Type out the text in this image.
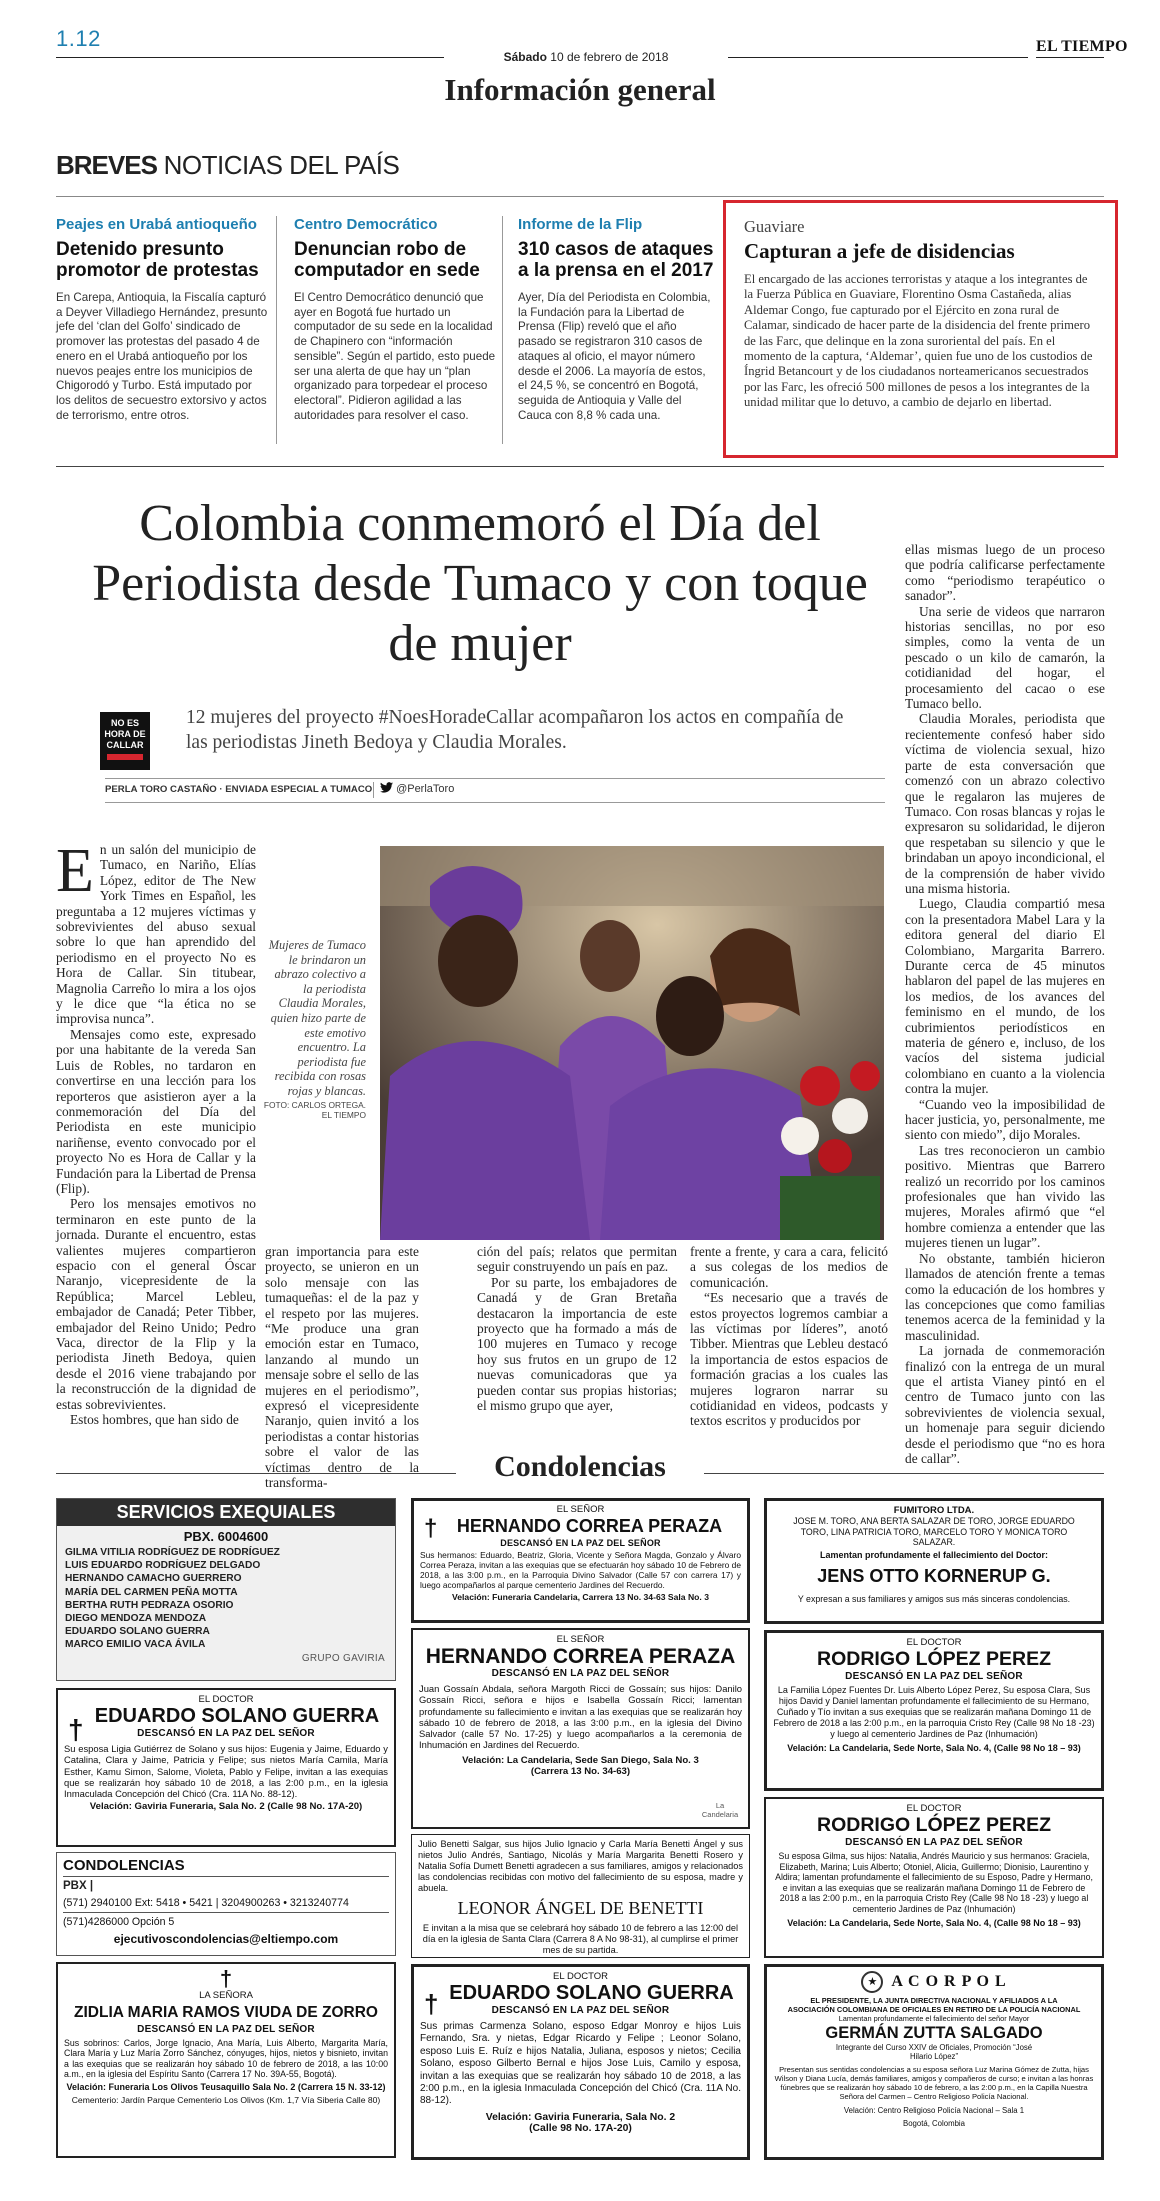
1.12
Sábado 10 de febrero de 2018
EL TIEMPO
Información general
BREVES NOTICIAS DEL PAÍS
Peajes en Urabá antioqueño
Detenido presunto promotor de protestas
En Carepa, Antioquia, la Fiscalía capturó a Deyver Villadiego Hernández, presunto jefe del ‘clan del Golfo’ sindicado de promover las protestas del pasado 4 de enero en el Urabá antioqueño por los nuevos peajes entre los municipios de Chigorodó y Turbo. Está imputado por los delitos de secuestro extorsivo y actos de terrorismo, entre otros.
Centro Democrático
Denuncian robo de computador en sede
El Centro Democrático denunció que ayer en Bogotá fue hurtado un computador de su sede en la localidad de Chapinero con “información sensible”. Según el partido, esto puede ser una alerta de que hay un “plan organizado para torpedear el proceso electoral”. Pidieron agilidad a las autoridades para resolver el caso.
Informe de la Flip
310 casos de ataques a la prensa en el 2017
Ayer, Día del Periodista en Colombia, la Fundación para la Libertad de Prensa (Flip) reveló que el año pasado se registraron 310 casos de ataques al oficio, el mayor número desde el 2006. La mayoría de estos, el 24,5 %, se concentró en Bogotá, seguida de Antioquia y Valle del Cauca con 8,8 % cada una.
Guaviare
Capturan a jefe de disidencias
El encargado de las acciones terroristas y ataque a los integrantes de la Fuerza Pública en Guaviare, Florentino Osma Castañeda, alias Aldemar Congo, fue capturado por el Ejército en zona rural de Calamar, sindicado de hacer parte de la disidencia del frente primero de las Farc, que delinque en la zona suroriental del país. En el momento de la captura, ‘Aldemar’, quien fue uno de los custodios de Íngrid Betancourt y de los ciudadanos norteamericanos secuestrados por las Farc, les ofreció 500 millones de pesos a los integrantes de la unidad militar que lo detuvo, a cambio de dejarlo en libertad.
Colombia conmemoró el Día del Periodista desde Tumaco y con toque de mujer
NO ES HORA DE CALLAR
12 mujeres del proyecto #NoesHoradeCallar acompañaron los actos en compañía de las periodistas Jineth Bedoya y Claudia Morales.
PERLA TORO CASTAÑO · ENVIADA ESPECIAL A TUMACO	@PerlaToro
E n un salón del municipio de Tumaco, en Nariño, Elías López, editor de The New York Times en Español, les preguntaba a 12 mujeres víctimas y sobrevivientes del abuso sexual sobre lo que han aprendido del periodismo en el proyecto No es Hora de Callar. Sin titubear, Magnolia Carreño lo mira a los ojos y le dice que “la ética no se improvisa nunca”.

Mensajes como este, expresado por una habitante de la vereda San Luis de Robles, no tardaron en convertirse en una lección para los reporteros que asistieron ayer a la conmemoración del Día del Periodista en este municipio nariñense, evento convocado por el proyecto No es Hora de Callar y la Fundación para la Libertad de Prensa (Flip).

Pero los mensajes emotivos no terminaron en este punto de la jornada. Durante el encuentro, estas valientes mujeres compartieron espacio con el general Óscar Naranjo, vicepresidente de la República; Marcel Lebleu, embajador de Canadá; Peter Tibber, embajador del Reino Unido; Pedro Vaca, director de la Flip y la periodista Jineth Bedoya, quien desde el 2016 viene trabajando por la reconstrucción de la dignidad de estas sobrevivientes.

Estos hombres, que han sido de

Mujeres de Tumaco le brindaron un abrazo colectivo a la periodista Claudia Morales, quien hizo parte de este emotivo encuentro. La periodista fue recibida con rosas rojas y blancas.
FOTO: CARLOS ORTEGA. EL TIEMPO

gran importancia para este proyecto, se unieron en un solo mensaje con las tumaqueñas: el de la paz y el respeto por las mujeres. “Me produce una gran emoción estar en Tumaco, lanzando al mundo un mensaje sobre el sello de las mujeres en el periodismo”, expresó el vicepresidente Naranjo, quien invitó a los periodistas a contar historias sobre el valor de las víctimas dentro de la transforma-

ción del país; relatos que permitan seguir construyendo un país en paz.

Por su parte, los embajadores de Canadá y de Gran Bretaña destacaron la importancia de este proyecto que ha formado a más de 100 mujeres en Tumaco y recoge hoy sus frutos en un grupo de 12 nuevas comunicadoras que ya pueden contar sus propias historias; el mismo grupo que ayer,

frente a frente, y cara a cara, felicitó a sus colegas de los medios de comunicación.

“Es necesario que a través de estos proyectos logremos cambiar a las víctimas por líderes”, anotó Tibber. Mientras que Lebleu destacó la importancia de estos espacios de formación gracias a los cuales las mujeres lograron narrar su cotidianidad en videos, podcasts y textos escritos y producidos por

ellas mismas luego de un proceso que podría calificarse perfectamente como “periodismo terapéutico o sanador”.

Una serie de videos que narraron historias sencillas, no por eso simples, como la venta de un pescado o un kilo de camarón, la cotidianidad del hogar, el procesamiento del cacao o ese Tumaco bello.

Claudia Morales, periodista que recientemente confesó haber sido víctima de violencia sexual, hizo parte de esta conversación que comenzó con un abrazo colectivo que le regalaron las mujeres de Tumaco. Con rosas blancas y rojas le expresaron su solidaridad, le dijeron que respetaban su silencio y que le brindaban un apoyo incondicional, el de la comprensión de haber vivido una misma historia.

Luego, Claudia compartió mesa con la presentadora Mabel Lara y la editora general del diario El Colombiano, Margarita Barrero. Durante cerca de 45 minutos hablaron del papel de las mujeres en los medios, de los avances del feminismo en el mundo, de los cubrimientos periodísticos en materia de género e, incluso, de los vacíos del sistema judicial colombiano en cuanto a la violencia contra la mujer.

“Cuando veo la imposibilidad de hacer justicia, yo, personalmente, me siento con miedo”, dijo Morales.

Las tres reconocieron un cambio positivo. Mientras que Barrero realizó un recorrido por los caminos profesionales que han vivido las mujeres, Morales afirmó que “el hombre comienza a entender que las mujeres tienen un lugar”.

No obstante, también hicieron llamados de atención frente a temas como la educación de los hombres y las concepciones que como familias tenemos acerca de la feminidad y la masculinidad.

La jornada de conmemoración finalizó con la entrega de un mural que el artista Vianey pintó en el centro de Tumaco junto con las sobrevivientes de violencia sexual, un homenaje para seguir diciendo desde el periodismo que “no es hora de callar”.

Condolencias
SERVICIOS EXEQUIALES
PBX. 6004600
GILMA VITILIA RODRÍGUEZ DE RODRÍGUEZ
LUIS EDUARDO RODRÍGUEZ DELGADO
HERNANDO CAMACHO GUERRERO
MARÍA DEL CARMEN PEÑA MOTTA
BERTHA RUTH PEDRAZA OSORIO
DIEGO MENDOZA MENDOZA
EDUARDO SOLANO GUERRA
MARCO EMILIO VACA ÁVILA
GRUPO GAVIRIA
†
EL DOCTOR
EDUARDO SOLANO GUERRA
DESCANSÓ EN LA PAZ DEL SEÑOR
Su esposa Ligia Gutiérrez de Solano y sus hijos: Eugenia y Jaime, Eduardo y Catalina, Clara y Jaime, Patricia y Felipe; sus nietos María Camila, María Esther, Kamu Simon, Salome, Violeta, Pablo y Felipe, invitan a las exequias que se realizarán hoy sábado 10 de 2018, a las 2:00 p.m., en la iglesia Inmaculada Concepción del Chicó (Cra. 11A No. 88-12).
Velación: Gaviria Funeraria, Sala No. 2 (Calle 98 No. 17A-20)
CONDOLENCIAS
PBX |
(571) 2940100 Ext: 5418 • 5421 | 3204900263 • 3213240774
(571)4286000 Opción 5
ejecutivoscondolencias@eltiempo.com
†
LA SEÑORA
ZIDLIA MARIA RAMOS VIUDA DE ZORRO
DESCANSÓ EN LA PAZ DEL SEÑOR
Sus sobrinos: Carlos, Jorge Ignacio, Ana María, Luis Alberto, Margarita María, Clara María y Luz María Zorro Sánchez, cónyuges, hijos, nietos y bisnieto, invitan a las exequias que se realizarán hoy sábado 10 de febrero de 2018, a las 10:00 a.m., en la iglesia del Espíritu Santo (Carrera 17 No. 39A-55, Bogotá).
Velación: Funeraria Los Olivos Teusaquillo Sala No. 2 (Carrera 15 N. 33-12)
Cementerio: Jardín Parque Cementerio Los Olivos (Km. 1,7 Vía Siberia Calle 80)
†
EL SEÑOR
HERNANDO CORREA PERAZA
DESCANSÓ EN LA PAZ DEL SEÑOR
Sus hermanos: Eduardo, Beatriz, Gloria, Vicente y Señora Magda, Gonzalo y Álvaro Correa Peraza, invitan a las exequias que se efectuarán hoy sábado 10 de Febrero de 2018, a las 3:00 p.m., en la Parroquia Divino Salvador (Calle 57 con carrera 17) y luego acompañarlos al parque cementerio Jardines del Recuerdo.
Velación: Funeraria Candelaria, Carrera 13 No. 34-63 Sala No. 3
EL SEÑOR
HERNANDO CORREA PERAZA
DESCANSÓ EN LA PAZ DEL SEÑOR
Juan Gossaín Abdala, señora Margoth Ricci de Gossaín; sus hijos: Danilo Gossaín Ricci, señora e hijos e Isabella Gossaín Ricci; lamentan profundamente su fallecimiento e invitan a las exequias que se realizarán hoy sábado 10 de febrero de 2018, a las 3:00 p.m., en la iglesia del Divino Salvador (calle 57 No. 17-25) y luego acompañarlos a la ceremonia de Inhumación en Jardines del Recuerdo.
Velación: La Candelaria, Sede San Diego, Sala No. 3 (Carrera 13 No. 34-63)
La Candelaria
Julio Benetti Salgar, sus hijos Julio Ignacio y Carla María Benetti Ángel y sus nietos Julio Andrés, Santiago, Nicolás y María Margarita Benetti Rosero y Natalia Sofía Dumett Benetti agradecen a sus familiares, amigos y relacionados las condolencias recibidas con motivo del fallecimiento de su esposa, madre y abuela.
LEONOR ÁNGEL DE BENETTI
E invitan a la misa que se celebrará hoy sábado 10 de febrero a las 12:00 del día en la iglesia de Santa Clara (Carrera 8 A No 98-31), al cumplirse el primer mes de su partida.
†
EL DOCTOR
EDUARDO SOLANO GUERRA
DESCANSÓ EN LA PAZ DEL SEÑOR
Sus primas Carmenza Solano, esposo Edgar Monroy e hijos Luis Fernando, Sra. y nietas, Edgar Ricardo y Felipe ; Leonor Solano, esposo Luis E. Ruíz e hijos Natalia, Juliana, esposos y nietos; Cecilia Solano, esposo Gilberto Bernal e hijos Jose Luis, Camilo y esposa, invitan a las exequias que se realizarán hoy sábado 10 de 2018, a las 2:00 p.m., en la iglesia Inmaculada Concepción del Chicó (Cra. 11A No. 88-12).
Velación: Gaviria Funeraria, Sala No. 2 (Calle 98 No. 17A-20)
FUMITORO LTDA.
JOSE M. TORO, ANA BERTA SALAZAR DE TORO, JORGE EDUARDO TORO, LINA PATRICIA TORO, MARCELO TORO Y MONICA TORO SALAZAR.
Lamentan profundamente el fallecimiento del Doctor:
JENS OTTO KORNERUP G.
Y expresan a sus familiares y amigos sus más sinceras condolencias.
EL DOCTOR
RODRIGO LÓPEZ PEREZ
DESCANSÓ EN LA PAZ DEL SEÑOR
La Familia López Fuentes Dr. Luis Alberto López Perez, Su esposa Clara, Sus hijos David y Daniel lamentan profundamente el fallecimiento de su Hermano, Cuñado y Tío invitan a sus exequias que se realizarán mañana Domingo 11 de Febrero de 2018 a las 2:00 p.m., en la parroquia Cristo Rey (Calle 98 No 18 -23) y luego al cementerio Jardines de Paz (Inhumación)
Velación: La Candelaria, Sede Norte, Sala No. 4, (Calle 98 No 18 – 93)
EL DOCTOR
RODRIGO LÓPEZ PEREZ
DESCANSÓ EN LA PAZ DEL SEÑOR
Su esposa Gilma, sus hijos: Natalia, Andrés Mauricio y sus hermanos: Graciela, Elizabeth, Marina; Luis Alberto; Otoniel, Alicia, Guillermo; Dionisio, Laurentino y Aldira; lamentan profundamente el fallecimiento de su Esposo, Padre y Hermano, e invitan a las exequias que se realizarán mañana Domingo 11 de Febrero de 2018 a las 2:00 p.m., en la parroquia Cristo Rey (Calle 98 No 18 -23) y luego al cementerio Jardines de Paz (Inhumación)
Velación: La Candelaria, Sede Norte, Sala No. 4, (Calle 98 No 18 – 93)
★ A C O R P O L
EL PRESIDENTE, LA JUNTA DIRECTIVA NACIONAL Y AFILIADOS A LA ASOCIACIÓN COLOMBIANA DE OFICIALES EN RETIRO DE LA POLICÍA NACIONAL
Lamentan profundamente el fallecimiento del señor Mayor
GERMÁN ZUTTA SALGADO
Integrante del Curso XXIV de Oficiales, Promoción “José Hilario López”
Presentan sus sentidas condolencias a su esposa señora Luz Marina Gómez de Zutta, hijas Wilson y Diana Lucía, demás familiares, amigos y compañeros de curso; e invitan a las honras fúnebres que se realizarán hoy sábado 10 de febrero, a las 2:00 p.m., en la Capilla Nuestra Señora del Carmen – Centro Religioso Policía Nacional.
Velación: Centro Religioso Policía Nacional – Sala 1
Bogotá, Colombia
